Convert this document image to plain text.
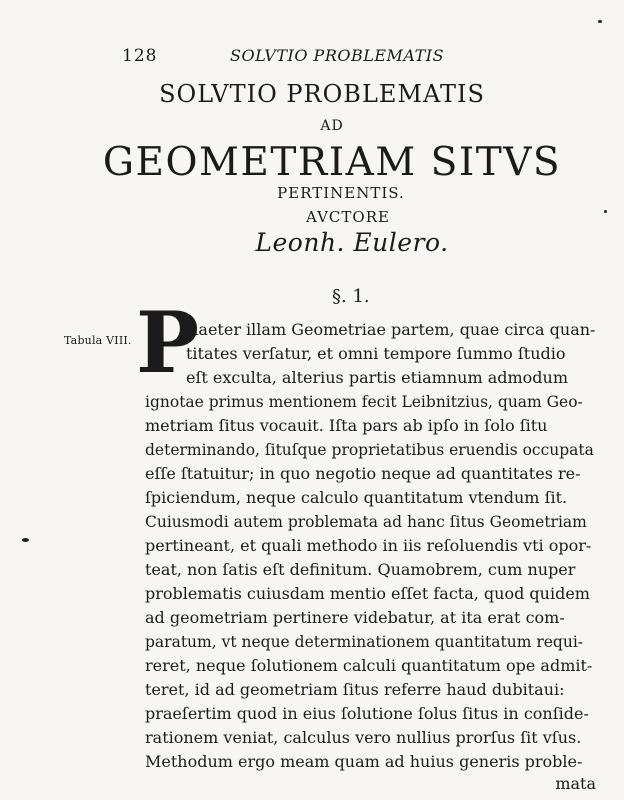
128	SOLVTIO PROBLEMATIS
SOLVTIO PROBLEMATIS
AD
GEOMETRIAM SITVS
PERTINENTIS.
AVCTORE
Leonh. Eulero.
§. 1.
Tabula VIII. P
Raeter illam Geometriae partem, quae circa quan-
titates verſatur, et omni tempore ſummo ſtudio
eſt exculta, alterius partis etiamnum admodum
ignotae primus mentionem fecit Leibnitzius, quam Geo-
metriam ſitus vocauit. Iſta pars ab ipſo in ſolo ſitu
determinando, ſituſque proprietatibus eruendis occupata
eſſe ſtatuitur; in quo negotio neque ad quantitates re-
ſpiciendum, neque calculo quantitatum vtendum ſit.
Cuiusmodi autem problemata ad hanc ſitus Geometriam
pertineant, et quali methodo in iis reſoluendis vti opor-
teat, non ſatis eſt definitum. Quamobrem, cum nuper
problematis cuiusdam mentio eſſet facta, quod quidem
ad geometriam pertinere videbatur, at ita erat com-
paratum, vt neque determinationem quantitatum requi-
reret, neque ſolutionem calculi quantitatum ope admit-
teret, id ad geometriam ſitus referre haud dubitaui:
praeſertim quod in eius ſolutione ſolus ſitus in conſide-
rationem veniat, calculus vero nullius prorſus ſit vſus.
Methodum ergo meam quam ad huius generis proble-
mata
